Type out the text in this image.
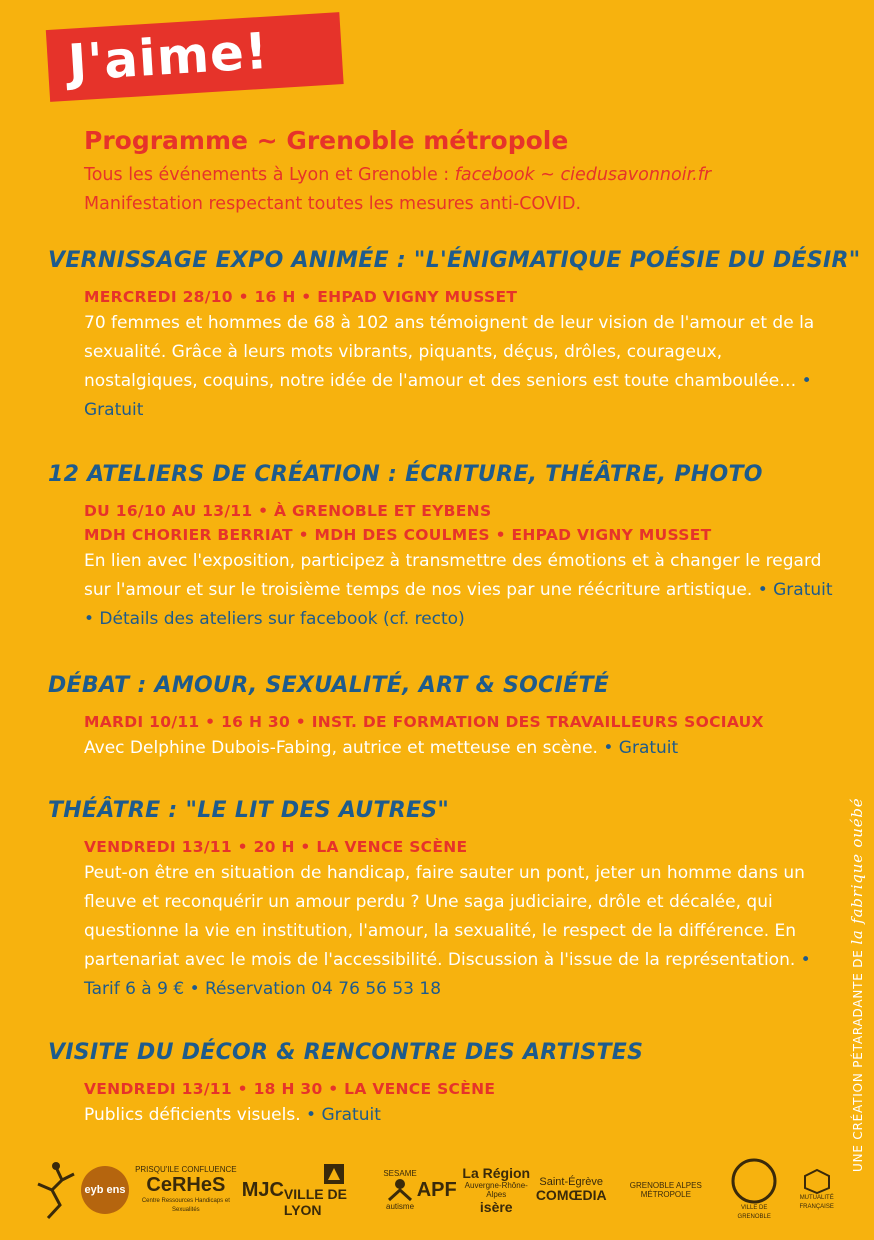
J'aime!
Programme ~ Grenoble métropole
Tous les événements à Lyon et Grenoble : facebook ~ ciedusavonnoir.fr
Manifestation respectant toutes les mesures anti-COVID.
VERNISSAGE EXPO ANIMÉE : "L'ÉNIGMATIQUE POÉSIE DU DÉSIR"
MERCREDI 28/10 • 16 H • EHPAD VIGNY MUSSET
70 femmes et hommes de 68 à 102 ans témoignent de leur vision de l'amour et de la sexualité. Grâce à leurs mots vibrants, piquants, déçus, drôles, courageux, nostalgiques, coquins, notre idée de l'amour et des seniors est toute chamboulée… • Gratuit
12 ATELIERS DE CRÉATION : ÉCRITURE, THÉÂTRE, PHOTO
DU 16/10 AU 13/11 • À GRENOBLE ET EYBENS
MDH CHORIER BERRIAT • MDH DES COULMES • EHPAD VIGNY MUSSET
En lien avec l'exposition, participez à transmettre des émotions et à changer le regard sur l'amour et sur le troisième temps de nos vies par une réécriture artistique. • Gratuit • Détails des ateliers sur facebook (cf. recto)
DÉBAT : AMOUR, SEXUALITÉ, ART & SOCIÉTÉ
MARDI 10/11 • 16 H 30 • INST. DE FORMATION DES TRAVAILLEURS SOCIAUX
Avec Delphine Dubois-Fabing, autrice et metteuse en scène. • Gratuit
THÉÂTRE : "LE LIT DES AUTRES"
VENDREDI 13/11 • 20 H • LA VENCE SCÈNE
Peut-on être en situation de handicap, faire sauter un pont, jeter un homme dans un fleuve et reconquérir un amour perdu ? Une saga judiciaire, drôle et décalée, qui questionne la vie en institution, l'amour, la sexualité, le respect de la différence. En partenariat avec le mois de l'accessibilité. Discussion à l'issue de la représentation. • Tarif 6 à 9 € • Réservation 04 76 56 53 18
VISITE DU DÉCOR & RENCONTRE DES ARTISTES
VENDREDI 13/11 • 18 H 30 • LA VENCE SCÈNE
Publics déficients visuels. • Gratuit	UNE CRÉATION PÉTARADANTE DE la fabrique ouébé
eyb ens
PRISQU'ILE CONFLUENCE
CeRHeS
Centre Ressources Handicaps et Sexualités
MJC VILLE DE LYON
SESAME
autisme
APF
La Région
Auvergne-Rhône-Alpes
isère
Saint-Égrève
COMŒDIA
GRENOBLE ALPES MÉTROPOLE
VILLE DE GRENOBLE
MUTUALITÉ FRANÇAISE
